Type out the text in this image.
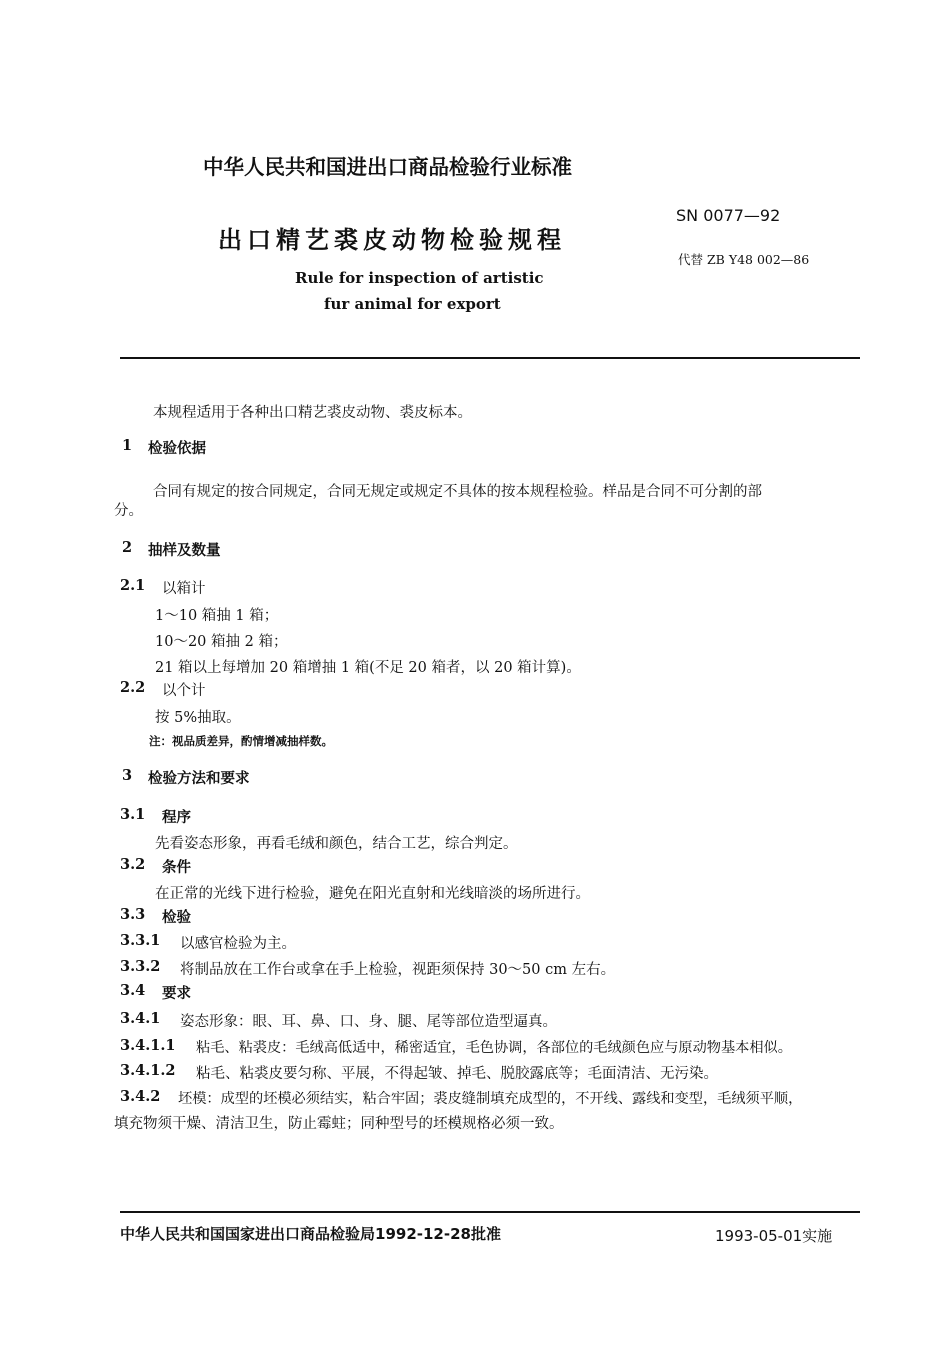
中华人民共和国进出口商品检验行业标准
SN 0077—92
出口精艺裘皮动物检验规程
代替 ZB Y48 002—86
Rule for inspection of artistic
fur animal for export
本规程适用于各种出口精艺裘皮动物、裘皮标本。
1 检验依据
合同有规定的按合同规定，合同无规定或规定不具体的按本规程检验。样品是合同不可分割的部
分。
2 抽样及数量
2.1 以箱计
1～10 箱抽 1 箱；
10～20 箱抽 2 箱；
21 箱以上每增加 20 箱增抽 1 箱(不足 20 箱者，以 20 箱计算)。
2.2 以个计
按 5%抽取。
注：视品质差异，酌情增减抽样数。
3 检验方法和要求
3.1 程序
先看姿态形象，再看毛绒和颜色，结合工艺，综合判定。
3.2 条件
在正常的光线下进行检验，避免在阳光直射和光线暗淡的场所进行。
3.3 检验
3.3.1 以感官检验为主。
3.3.2 将制品放在工作台或拿在手上检验，视距须保持 30～50 cm 左右。
3.4 要求
3.4.1 姿态形象：眼、耳、鼻、口、身、腿、尾等部位造型逼真。
3.4.1.1 粘毛、粘裘皮：毛绒高低适中，稀密适宜，毛色协调，各部位的毛绒颜色应与原动物基本相似。
3.4.1.2 粘毛、粘裘皮要匀称、平展，不得起皱、掉毛、脱胶露底等；毛面清洁、无污染。
3.4.2 坯模：成型的坯模必须结实，粘合牢固；裘皮缝制填充成型的，不开线、露线和变型，毛绒须平顺，
填充物须干燥、清洁卫生，防止霉蛀；同种型号的坯模规格必须一致。
中华人民共和国国家进出口商品检验局1992-12-28批准	1993-05-01实施
